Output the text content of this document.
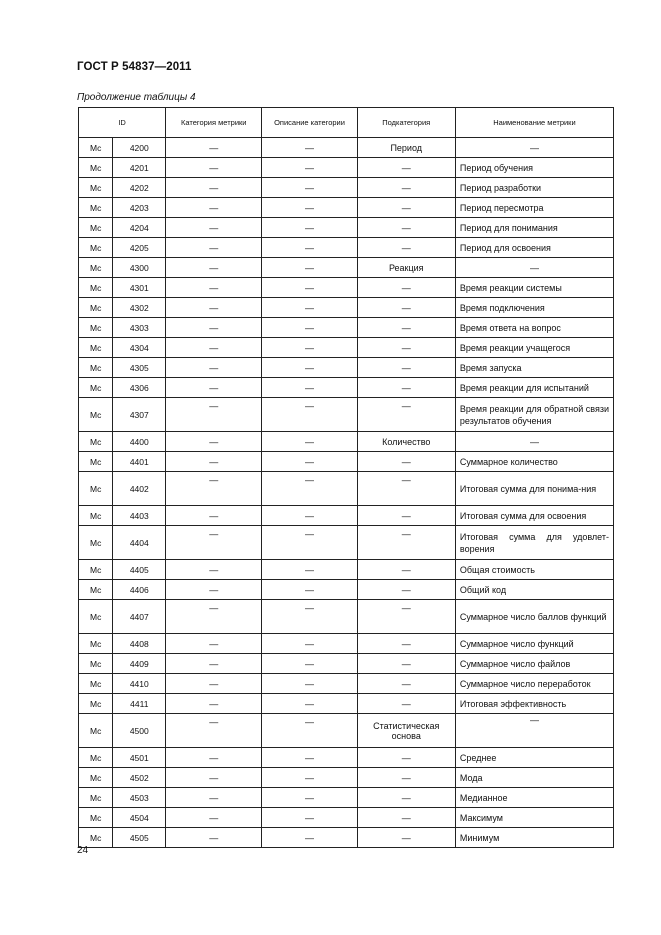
ГОСТ Р 54837—2011
Продолжение таблицы 4
ID		Категория метрики	Описание категории	Подкатегория	Наименование метрики
Mc	4200	—	—	Период	—
Mc	4201	—	—	—	Период обучения
Mc	4202	—	—	—	Период разработки
Mc	4203	—	—	—	Период пересмотра
Mc	4204	—	—	—	Период для понимания
Mc	4205	—	—	—	Период для освоения
Mc	4300	—	—	Реакция	—
Mc	4301	—	—	—	Время реакции системы
Mc	4302	—	—	—	Время подключения
Mc	4303	—	—	—	Время ответа на вопрос
Mc	4304	—	—	—	Время реакции учащегося
Mc	4305	—	—	—	Время запуска
Mc	4306	—	—	—	Время реакции для испытаний
Mc	4307	—	—	—	Время реакции для обратной связи результатов обучения
Mc	4400	—	—	Количество	—
Mc	4401	—	—	—	Суммарное количество
Mc	4402	—	—	—	Итоговая сумма для понима-ния
Mc	4403	—	—	—	Итоговая сумма для освоения
Mc	4404	—	—	—	Итоговая сумма для удовлет-ворения
Mc	4405	—	—	—	Общая стоимость
Mc	4406	—	—	—	Общий код
Mc	4407	—	—	—	Суммарное число баллов функций
Mc	4408	—	—	—	Суммарное число функций
Mc	4409	—	—	—	Суммарное число файлов
Mc	4410	—	—	—	Суммарное число переработок
Mc	4411	—	—	—	Итоговая эффективность
Mc	4500	—	—	Статистическая основа	—
Mc	4501	—	—	—	Среднее
Mc	4502	—	—	—	Мода
Mc	4503	—	—	—	Медианное
Mc	4504	—	—	—	Максимум
Mc	4505	—	—	—	Минимум
24
